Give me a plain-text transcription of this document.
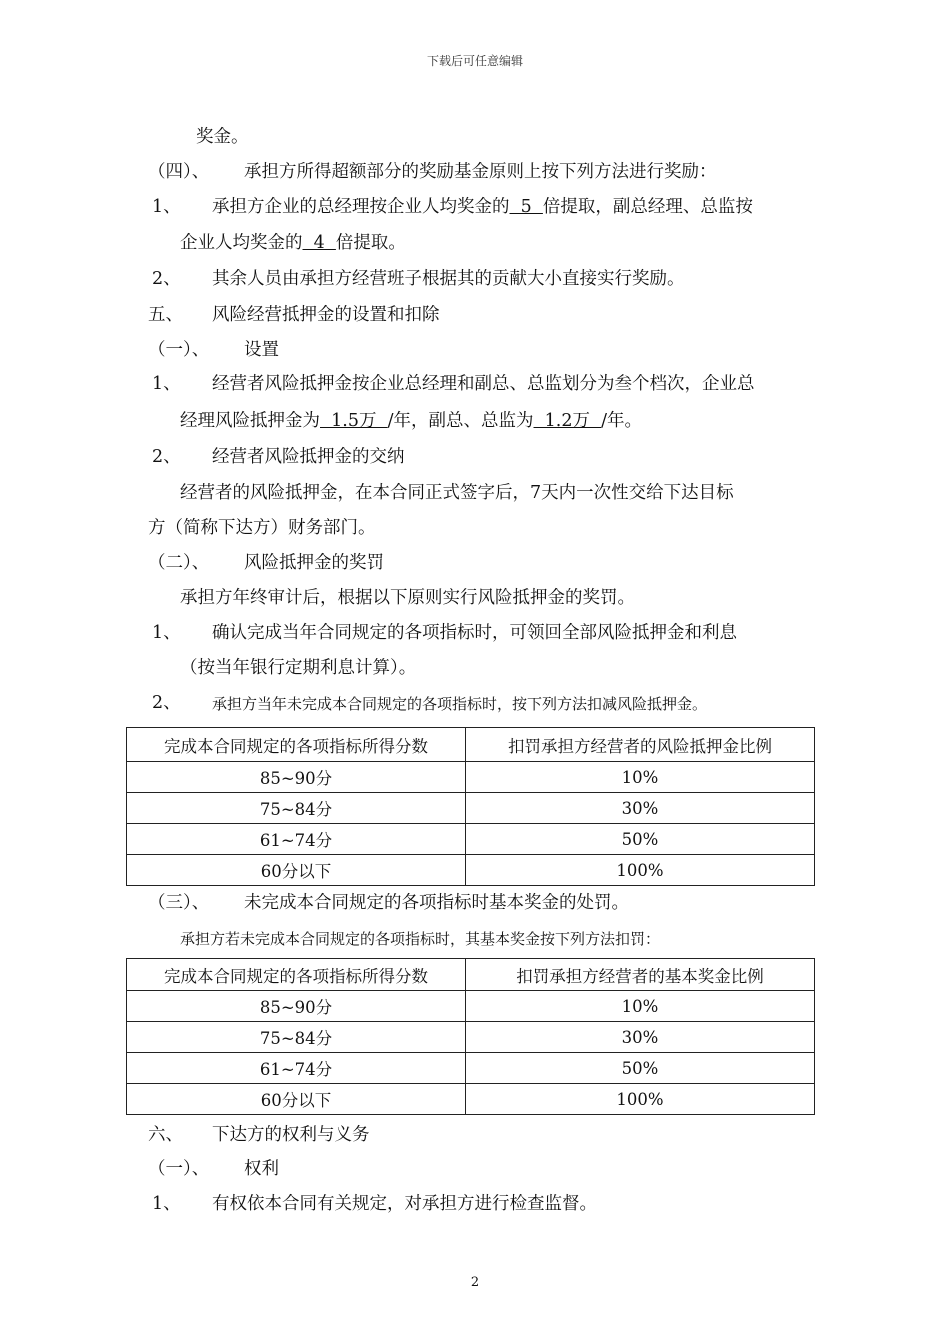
下载后可任意编辑
奖金。
（四）、 承担方所得超额部分的奖励基金原则上按下列方法进行奖励：
1、 承担方企业的总经理按企业人均奖金的  5  倍提取，副总经理、总监按
企业人均奖金的  4  倍提取。
2、 其余人员由承担方经营班子根据其的贡献大小直接实行奖励。
五、 风险经营抵押金的设置和扣除
（一）、 设置
1、 经营者风险抵押金按企业总经理和副总、总监划分为叁个档次，企业总
经理风险抵押金为  1.5万  /年，副总、总监为  1.2万  /年。
2、 经营者风险抵押金的交纳
经营者的风险抵押金，在本合同正式签字后，7天内一次性交给下达目标
方（简称下达方）财务部门。
（二）、 风险抵押金的奖罚
承担方年终审计后，根据以下原则实行风险抵押金的奖罚。
1、 确认完成当年合同规定的各项指标时，可领回全部风险抵押金和利息
（按当年银行定期利息计算）。
2、 承担方当年未完成本合同规定的各项指标时，按下列方法扣减风险抵押金。
完成本合同规定的各项指标所得分数	扣罚承担方经营者的风险抵押金比例
85~90分	10%
75~84分	30%
61~74分	50%
60分以下	100%
（三）、 未完成本合同规定的各项指标时基本奖金的处罚。
承担方若未完成本合同规定的各项指标时，其基本奖金按下列方法扣罚：
完成本合同规定的各项指标所得分数	扣罚承担方经营者的基本奖金比例
85~90分	10%
75~84分	30%
61~74分	50%
60分以下	100%
六、 下达方的权利与义务
（一）、 权利
1、 有权依本合同有关规定，对承担方进行检查监督。
2
